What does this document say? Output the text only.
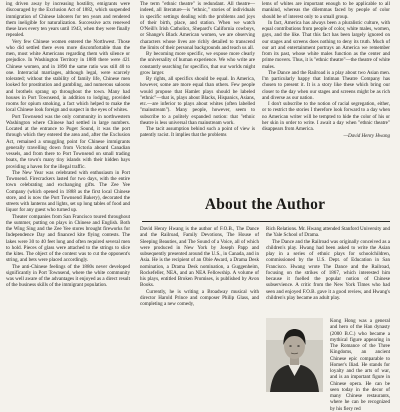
ing driven away by increasing hostility, emigrants were discouraged by the Exclusion Act of 1882, which suspended immigration of Chinese laborers for ten years and rendered them ineligible for naturalization. Successive acts renewed these laws every ten years until 1943, when they were finally repealed.

Very few Chinese women entered the Northwest. Those who did settled there even more discomfortable than the men, most white Americans regarding them with silence or prejudice. In Washington Territory in 1880 there were 421 Chinese women, and in 1890 the same ratio was still 40 to one. Interracial marriages, although legal, were scarcely tolerated; without the stability of family life, Chinese men looked for prostitution and gambling, and numerous saloons and brothels sprang up throughout the town. Many had houses in Port Townsend, in addition to lodging, provided rooms for opium smoking, a fact which helped to make the local Chinese look foreign and suspect in the eyes of whites.

Port Townsend was the only community in northwestern Washington where Chinese had settled in large numbers. Located at the entrance to Puget Sound, it was the port through which they entered the area and, after the Exclusion Act, remained a smuggling point for Chinese immigrants generally travelling down from Victoria aboard Canadian vessels, and from there to Port Townsend on small trading boats, the town's many tiny islands with their hidden bays providing a haven for the illegal traffic.

The New Year was celebrated with enthusiasm in Port Townsend. Firecrackers lasted for two days, with the entire town celebrating and exchanging gifts. The Zee Yee Company (which opened in 1888 as the first local Chinese store, and is now the Port Townsend Bakery), decorated the streets with lanterns and lights, set up long tables of food and liquor for any guest who turned up.

Theater companies from San Francisco toured throughout the summer, putting on plays in Chinese and English. Both the Wing Sing and the Zee Yee stores brought fireworks for Independence Day and financed kite flying contests. The lakes were 30 to 40 feet long and often required several men to hold. Pieces of glass were attached to the strings to slice the kites. The object of the contest was to cut the opponent's string, and bets were placed accordingly.

The anti-Chinese feelings of the 1880s never developed significantly in Port Townsend, where the white community was well aware of the advantages it enjoyed as a direct result of the business skills of the immigrant population.

The term "ethnic theatre" is redundant. All theatre—indeed, all literature—is "ethnic," stories of individuals in specific settings dealing with the problems and joys of their birth, place, and station. When we watch O'Neill's Irish Catholics, Shepard's California cowboys, or Shange's Black American women, we are observing characters whose lives are richly detailed to transcend the limits of their personal backgrounds and teach us all.

By becoming more specific, we expose more clearly the universality of human experience. We who write are constantly searching for specifics, that our worlds might grow larger.

By rights, all specifics should be equal. In America, however, some are more equal than others. Few people would propose that Hamlet plays should be labeled "ethnic"—that is, plays about Blacks, Hispanics, Asians, etc.—are inferior to plays about whites (often labelled "mainstream"). Many people, however, seem to subscribe to a politely expanded notion: that "ethnic theatre is less universal than mainstream work.

The tacit assumption behind such a point of view is patently racist. It implies that the problems

lems of whites are important enough to be applicable to all mankind, whereas the dilemmas faced by people of color should be of interest only to a small group.

In fact, America has always been a pluralistic culture, with equal contributions from people of color, white males, women, gays, and the like. That this fact has been largely ignored on our stages and screens does nothing to deny its truth. Much of our art and entertainment portrays an America we remember from its past, whose white males function as the center and prime movers. Thus, it is "ethnic theatre"—the theatre of white males.

The Dance and the Railroad is a play about two Asian men. I'm particularly happy that Intiman Theatre Company has chosen to present it. It is a story like these which bring our closer to the day when our stages and screens might be as rich and diverse as our nation.

I don't subscribe to the notion of racial segregation, either, or to restrict the stories I therefore look forward to a day when no American writer will be tempted to hide the color of his or her skin in order to write. I await a day when "ethnic theatre" disappears from America.

—David Henry Hwang

About the Author

David Henry Hwang is the author of F.O.B., The Dance and the Railroad, Family Devotions, The House of Sleeping Beauties, and The Sound of a Voice, all of which were produced in New York by Joseph Papp and subsequently presented around the U.S., in Canada, and in Asia. He is the recipient of an Obie Award, a Drama Desk nomination, a Drama Desk nomination, a Guggenheim, Rockefeller, NEA, and an NEA Fellowship. A volume of his plays, entitled Broken Promises, is published by Avon Books.

Currently, he is writing a Broadway musical with director Harold Prince and composer Philip Glass, and completing a new comedy,

Rich Relations. Mr. Hwang attended Stanford University and the Yale School of Drama.

The Dance and the Railroad was originally conceived as a children's play. Hwang had been asked to write the Asian play in a series of ethnic plays for schoolchildren, commissioned by the U.S. Dept. of Education in San Francisco. Hwang wrote The Dance and the Railroad, focusing on the strikes of 1867, which interested him because it fuelled the popular notion of Chinese subservience. A critic from the New York Times who had seen and enjoyed F.O.B. gave it a good review, and Hwang's children's play became an adult play.

Kong Hong was a general and hero of the Han dynasty (2000 B.C.) who became a mythical figure appearing in The Romance of the Three Kingdoms, an ancient Chinese epic comparable to Homer's Iliad. He stands for loyalty and the arts of war, and is an important figure in Chinese opera. He can be seen today in the decor of many Chinese restaurants, where he can be recognized by his fiery red
